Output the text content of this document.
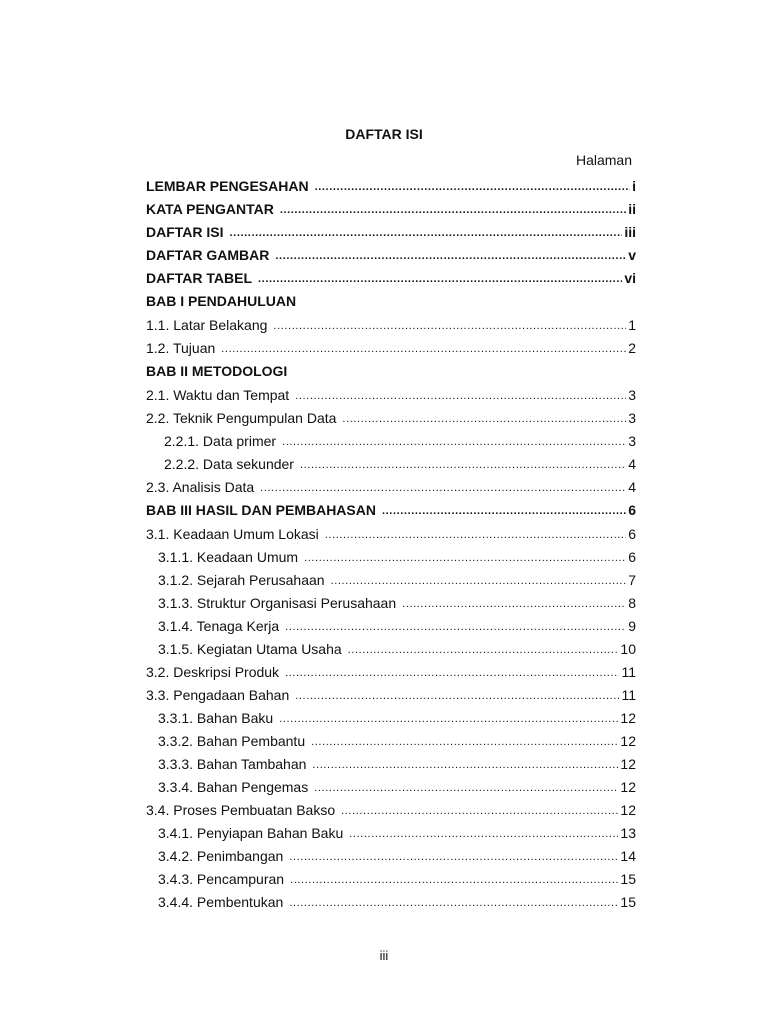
DAFTAR ISI
Halaman
LEMBAR PENGESAHAN .....	i
KATA PENGANTAR .....	ii
DAFTAR ISI .....	iii
DAFTAR GAMBAR .....	v
DAFTAR TABEL .....	vi
BAB I PENDAHULUAN
1.1. Latar Belakang .....	1
1.2. Tujuan .....	2
BAB II METODOLOGI
2.1. Waktu dan Tempat .....	3
2.2. Teknik Pengumpulan Data .....	3
2.2.1. Data primer .....	3
2.2.2. Data sekunder .....	4
2.3. Analisis Data .....	4
BAB III HASIL DAN PEMBAHASAN .....	6
3.1. Keadaan Umum Lokasi .....	6
3.1.1. Keadaan Umum .....	6
3.1.2. Sejarah Perusahaan .....	7
3.1.3. Struktur Organisasi Perusahaan .....	8
3.1.4. Tenaga Kerja .....	9
3.1.5. Kegiatan Utama Usaha .....	10
3.2. Deskripsi Produk .....	11
3.3. Pengadaan Bahan .....	11
3.3.1. Bahan Baku .....	12
3.3.2. Bahan Pembantu .....	12
3.3.3. Bahan Tambahan .....	12
3.3.4. Bahan Pengemas .....	12
3.4. Proses Pembuatan Bakso .....	12
3.4.1. Penyiapan Bahan Baku .....	13
3.4.2. Penimbangan .....	14
3.4.3. Pencampuran .....	15
3.4.4. Pembentukan .....	15
iii
